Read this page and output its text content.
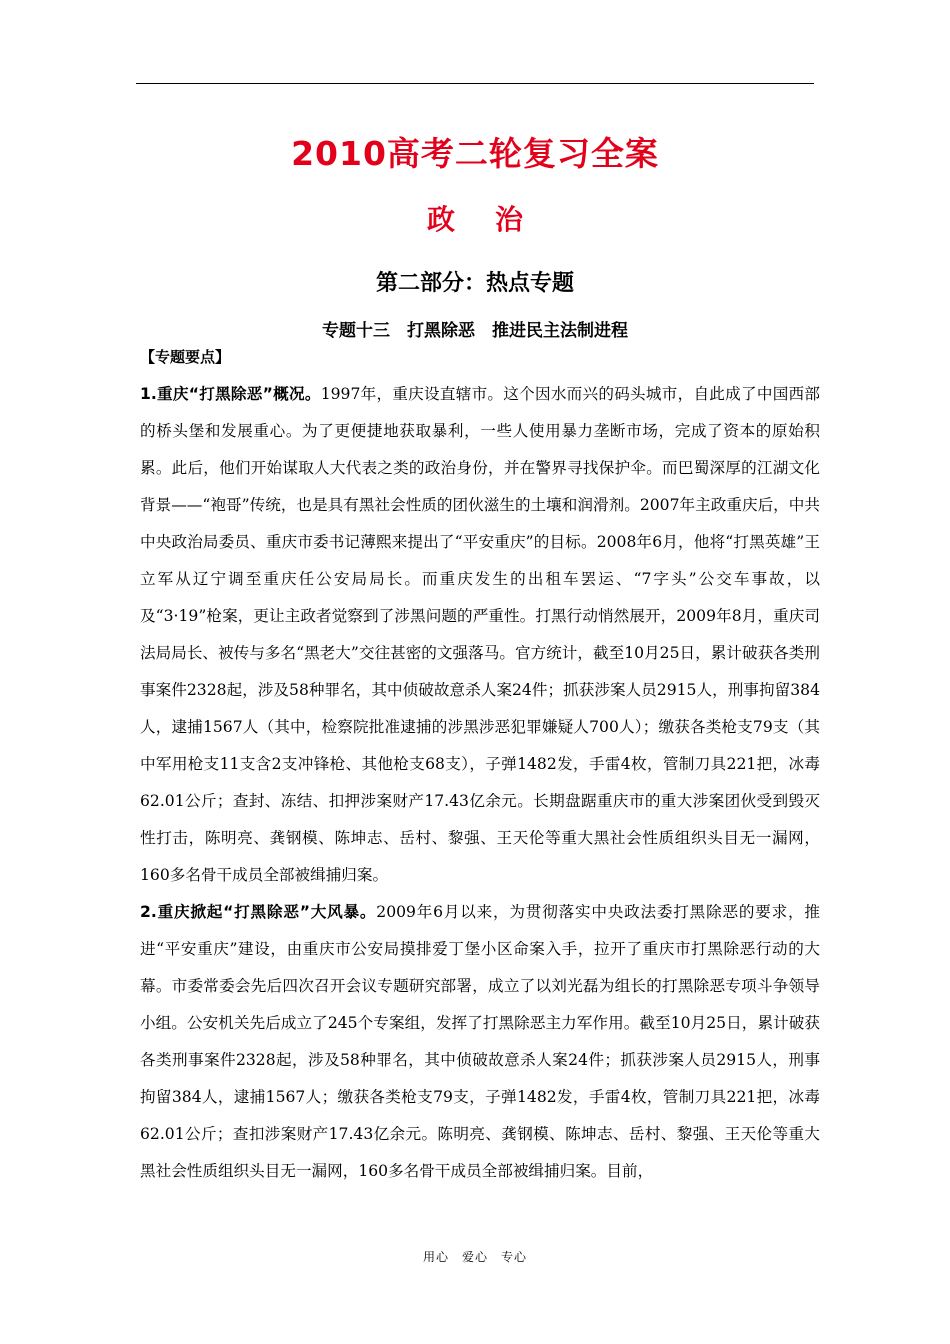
2010高考二轮复习全案
政治
第二部分：热点专题
专题十三　打黑除恶　推进民主法制进程
【专题要点】
1.重庆“打黑除恶”概况。1997年，重庆设直辖市。这个因水而兴的码头城市，自此成了中国西部的桥头堡和发展重心。为了更便捷地获取暴利，一些人使用暴力垄断市场，完成了资本的原始积累。此后，他们开始谋取人大代表之类的政治身份，并在警界寻找保护伞。而巴蜀深厚的江湖文化背景——“袍哥”传统，也是具有黑社会性质的团伙滋生的土壤和润滑剂。2007年主政重庆后，中共中央政治局委员、重庆市委书记薄熙来提出了“平安重庆”的目标。2008年6月，他将“打黑英雄”王立军从辽宁调至重庆任公安局局长。而重庆发生的出租车罢运、“7字头”公交车事故，以及“3·19”枪案，更让主政者觉察到了涉黑问题的严重性。打黑行动悄然展开，2009年8月，重庆司法局局长、被传与多名“黑老大”交往甚密的文强落马。官方统计，截至10月25日，累计破获各类刑事案件2328起，涉及58种罪名，其中侦破故意杀人案24件；抓获涉案人员2915人，刑事拘留384人，逮捕1567人（其中，检察院批准逮捕的涉黑涉恶犯罪嫌疑人700人）；缴获各类枪支79支（其中军用枪支11支含2支冲锋枪、其他枪支68支），子弹1482发，手雷4枚，管制刀具221把，冰毒62.01公斤；查封、冻结、扣押涉案财产17.43亿余元。长期盘踞重庆市的重大涉案团伙受到毁灭性打击，陈明亮、龚钢模、陈坤志、岳村、黎强、王天伦等重大黑社会性质组织头目无一漏网，160多名骨干成员全部被缉捕归案。
2.重庆掀起“打黑除恶”大风暴。2009年6月以来，为贯彻落实中央政法委打黑除恶的要求，推进“平安重庆”建设，由重庆市公安局摸排爱丁堡小区命案入手，拉开了重庆市打黑除恶行动的大幕。市委常委会先后四次召开会议专题研究部署，成立了以刘光磊为组长的打黑除恶专项斗争领导小组。公安机关先后成立了245个专案组，发挥了打黑除恶主力军作用。截至10月25日，累计破获各类刑事案件2328起，涉及58种罪名，其中侦破故意杀人案24件；抓获涉案人员2915人，刑事拘留384人，逮捕1567人；缴获各类枪支79支，子弹1482发，手雷4枚，管制刀具221把，冰毒62.01公斤；查扣涉案财产17.43亿余元。陈明亮、龚钢模、陈坤志、岳村、黎强、王天伦等重大黑社会性质组织头目无一漏网，160多名骨干成员全部被缉捕归案。目前，
用心　爱心　专心
